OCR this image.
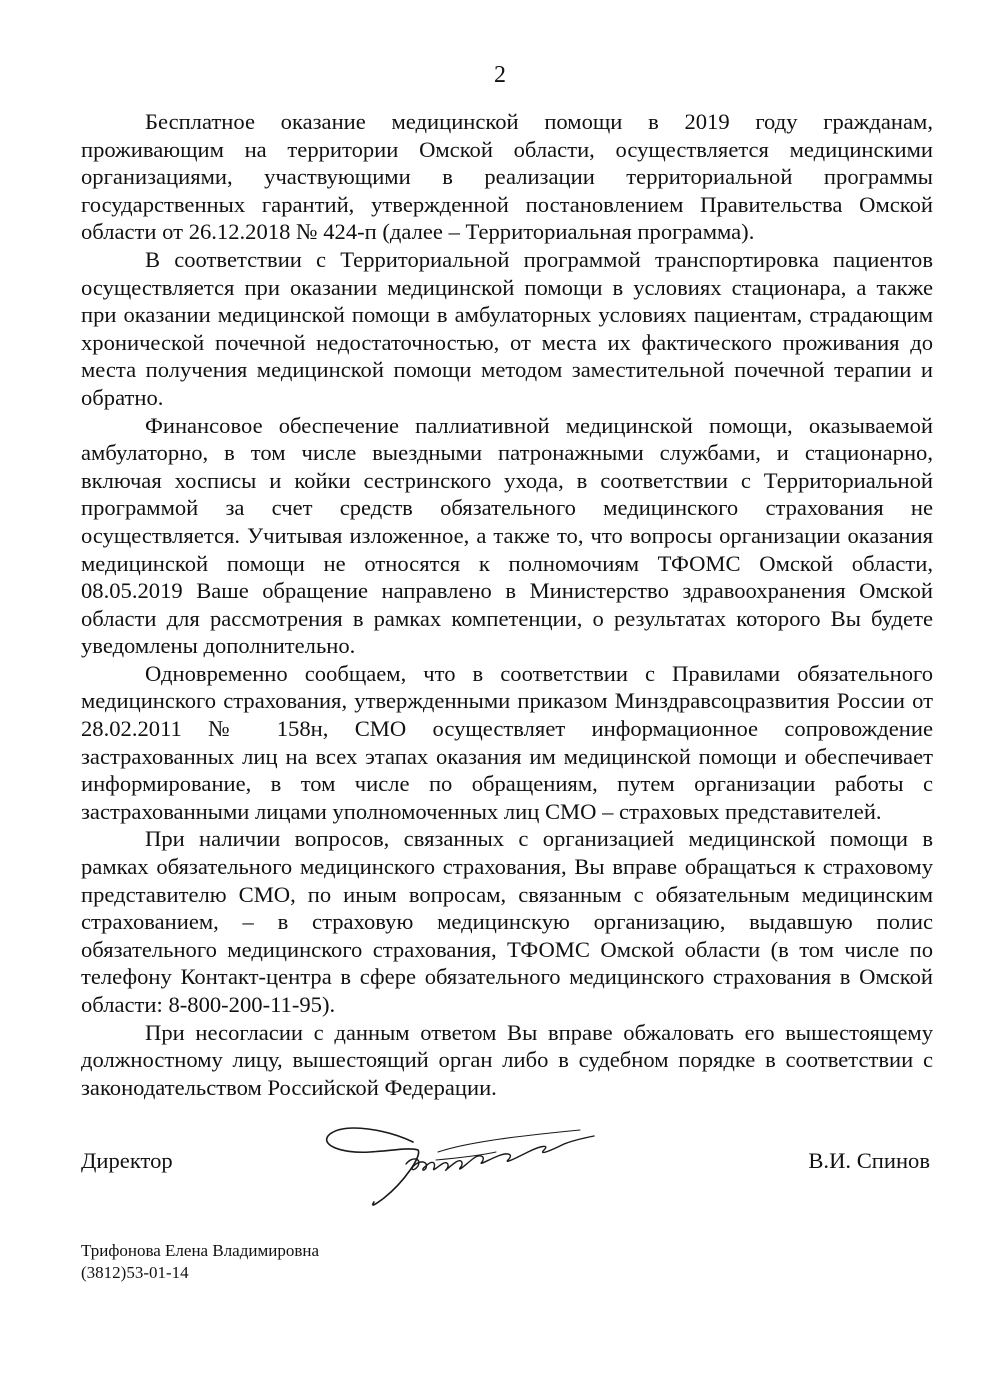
2

Бесплатное оказание медицинской помощи в 2019 году гражданам, проживающим на территории Омской области, осуществляется медицинскими организациями, участвующими в реализации территориальной программы государственных гарантий, утвержденной постановлением Правительства Омской области от 26.12.2018 № 424-п (далее – Территориальная программа).

В соответствии с Территориальной программой транспортировка пациентов осуществляется при оказании медицинской помощи в условиях стационара, а также при оказании медицинской помощи в амбулаторных условиях пациентам, страдающим хронической почечной недостаточностью, от места их фактического проживания до места получения медицинской помощи методом заместительной почечной терапии и обратно.

Финансовое обеспечение паллиативной медицинской помощи, оказываемой амбулаторно, в том числе выездными патронажными службами, и стационарно, включая хосписы и койки сестринского ухода, в соответствии с Территориальной программой за счет средств обязательного медицинского страхования не осуществляется. Учитывая изложенное, а также то, что вопросы организации оказания медицинской помощи не относятся к полномочиям ТФОМС Омской области, 08.05.2019 Ваше обращение направлено в Министерство здравоохранения Омской области для рассмотрения в рамках компетенции, о результатах которого Вы будете уведомлены дополнительно.

Одновременно сообщаем, что в соответствии с Правилами обязательного медицинского страхования, утвержденными приказом Минздравсоцразвития России от 28.02.2011 № 158н, СМО осуществляет информационное сопровождение застрахованных лиц на всех этапах оказания им медицинской помощи и обеспечивает информирование, в том числе по обращениям, путем организации работы с застрахованными лицами уполномоченных лиц СМО – страховых представителей.

При наличии вопросов, связанных с организацией медицинской помощи в рамках обязательного медицинского страхования, Вы вправе обращаться к страховому представителю СМО, по иным вопросам, связанным с обязательным медицинским страхованием, – в страховую медицинскую организацию, выдавшую полис обязательного медицинского страхования, ТФОМС Омской области (в том числе по телефону Контакт-центра в сфере обязательного медицинского страхования в Омской области: 8-800-200-11-95).

При несогласии с данным ответом Вы вправе обжаловать его вышестоящему должностному лицу, вышестоящий орган либо в судебном порядке в соответствии с законодательством Российской Федерации.

Директор	В.И. Спинов
Трифонова Елена Владимировна
(3812)53-01-14
